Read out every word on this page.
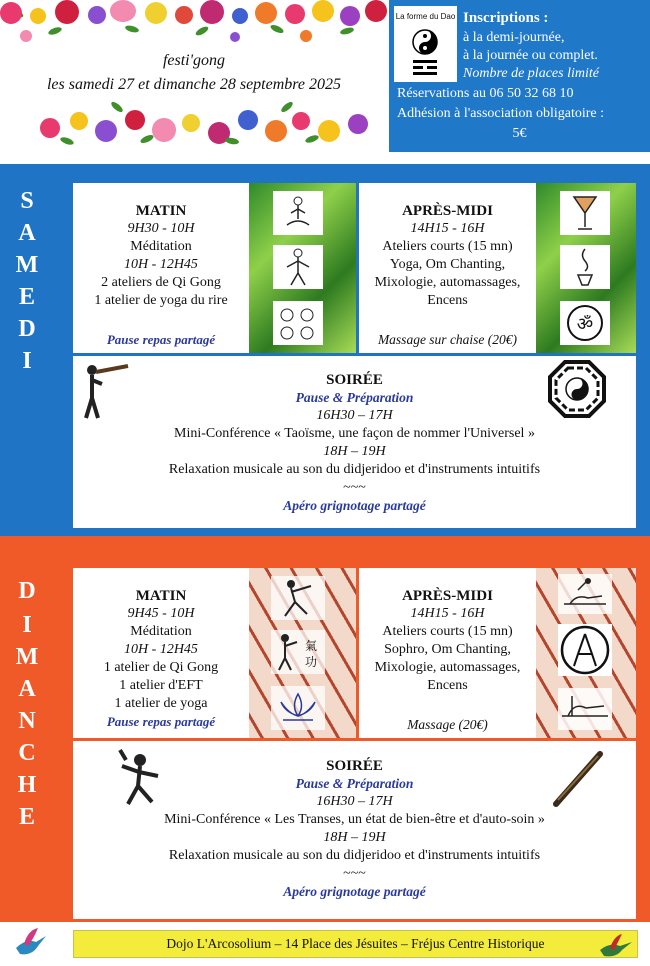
festi'gong
les samedi 27 et dimanche 28 septembre 2025
La forme du Dao Inscriptions :
à la demi-journée,
à la journée ou complet.
Nombre de places limité
Réservations au 06 50 32 68 10
Adhésion à l'association obligatoire :
5€
S
A
M
E
D
I
MATIN
9H30 - 10H
Méditation
10H - 12H45
2 ateliers de Qi Gong
1 atelier de yoga du rire
Pause repas partagé
ॐ
APRÈS-MIDI
14H15 - 16H
Ateliers courts (15 mn)
Yoga, Om Chanting,
Mixologie, automassages,
Encens
Massage sur chaise (20€)
SOIRÉE
Pause & Préparation
16H30 – 17H
Mini-Conférence « Taoïsme, une façon de nommer l'Universel »
18H – 19H
Relaxation musicale au son du didjeridoo et d'instruments intuitifs
~~~
Apéro grignotage partagé
D
I
M
A
N
C
H
E
氣
功
MATIN
9H45 - 10H
Méditation
10H - 12H45
1 atelier de Qi Gong
1 atelier d'EFT
1 atelier de yoga
Pause repas partagé
APRÈS-MIDI
14H15 - 16H
Ateliers courts (15 mn)
Sophro, Om Chanting,
Mixologie, automassages,
Encens
Massage (20€)
SOIRÉE
Pause & Préparation
16H30 – 17H
Mini-Conférence « Les Transes, un état de bien-être et d'auto-soin »
18H – 19H
Relaxation musicale au son du didjeridoo et d'instruments intuitifs
~~~
Apéro grignotage partagé
Dojo L'Arcosolium – 14 Place des Jésuites – Fréjus Centre Historique
